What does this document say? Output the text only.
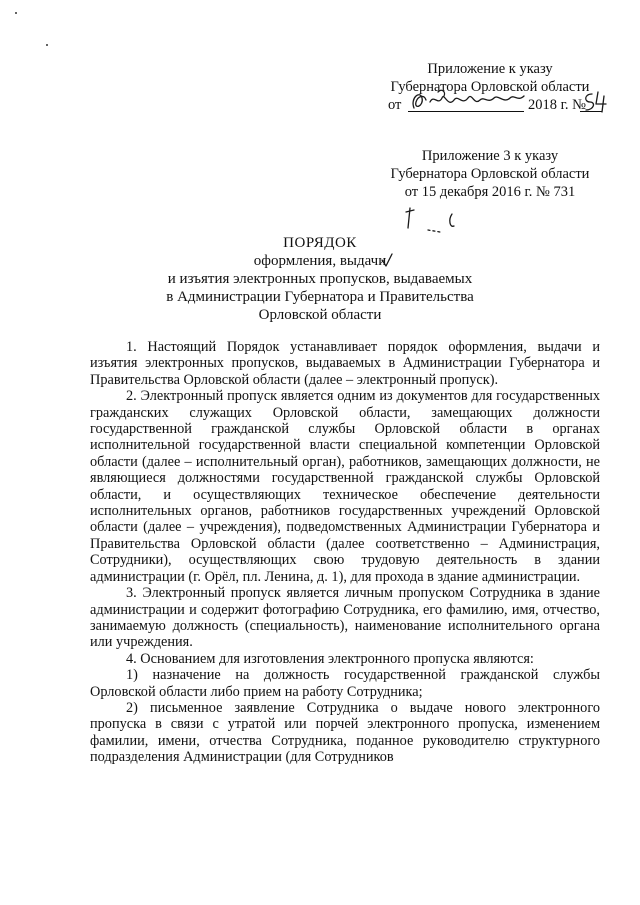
Приложение к указу
Губернатора Орловской области
от	2018 г. №
Приложение 3 к указу
Губернатора Орловской области
от 15 декабря 2016 г. № 731
ПОРЯДОК
оформления, выдачи
и изъятия электронных пропусков, выдаваемых
в Администрации Губернатора и Правительства
Орловской области

1. Настоящий Порядок устанавливает порядок оформления, выдачи и изъятия электронных пропусков, выдаваемых в Администрации Губернатора и Правительства Орловской области (далее – электронный пропуск).

2. Электронный пропуск является одним из документов для государственных гражданских служащих Орловской области, замещающих должности государственной гражданской службы Орловской области в органах исполнительной государственной власти специальной компетенции Орловской области (далее – исполнительный орган), работников, замещающих должности, не являющиеся должностями государственной гражданской службы Орловской области, и осуществляющих техническое обеспечение деятельности исполнительных органов, работников государственных учреждений Орловской области (далее – учреждения), подведомственных Администрации Губернатора и Правительства Орловской области (далее соответственно – Администрация, Сотрудники), осуществляющих свою трудовую деятельность в здании администрации (г. Орёл, пл. Ленина, д. 1), для прохода в здание администрации.

3. Электронный пропуск является личным пропуском Сотрудника в здание администрации и содержит фотографию Сотрудника, его фамилию, имя, отчество, занимаемую должность (специальность), наименование исполнительного органа или учреждения.

4. Основанием для изготовления электронного пропуска являются:

1) назначение на должность государственной гражданской службы Орловской области либо прием на работу Сотрудника;

2) письменное заявление Сотрудника о выдаче нового электронного пропуска в связи с утратой или порчей электронного пропуска, изменением фамилии, имени, отчества Сотрудника, поданное руководителю структурного подразделения Администрации (для Сотрудников
